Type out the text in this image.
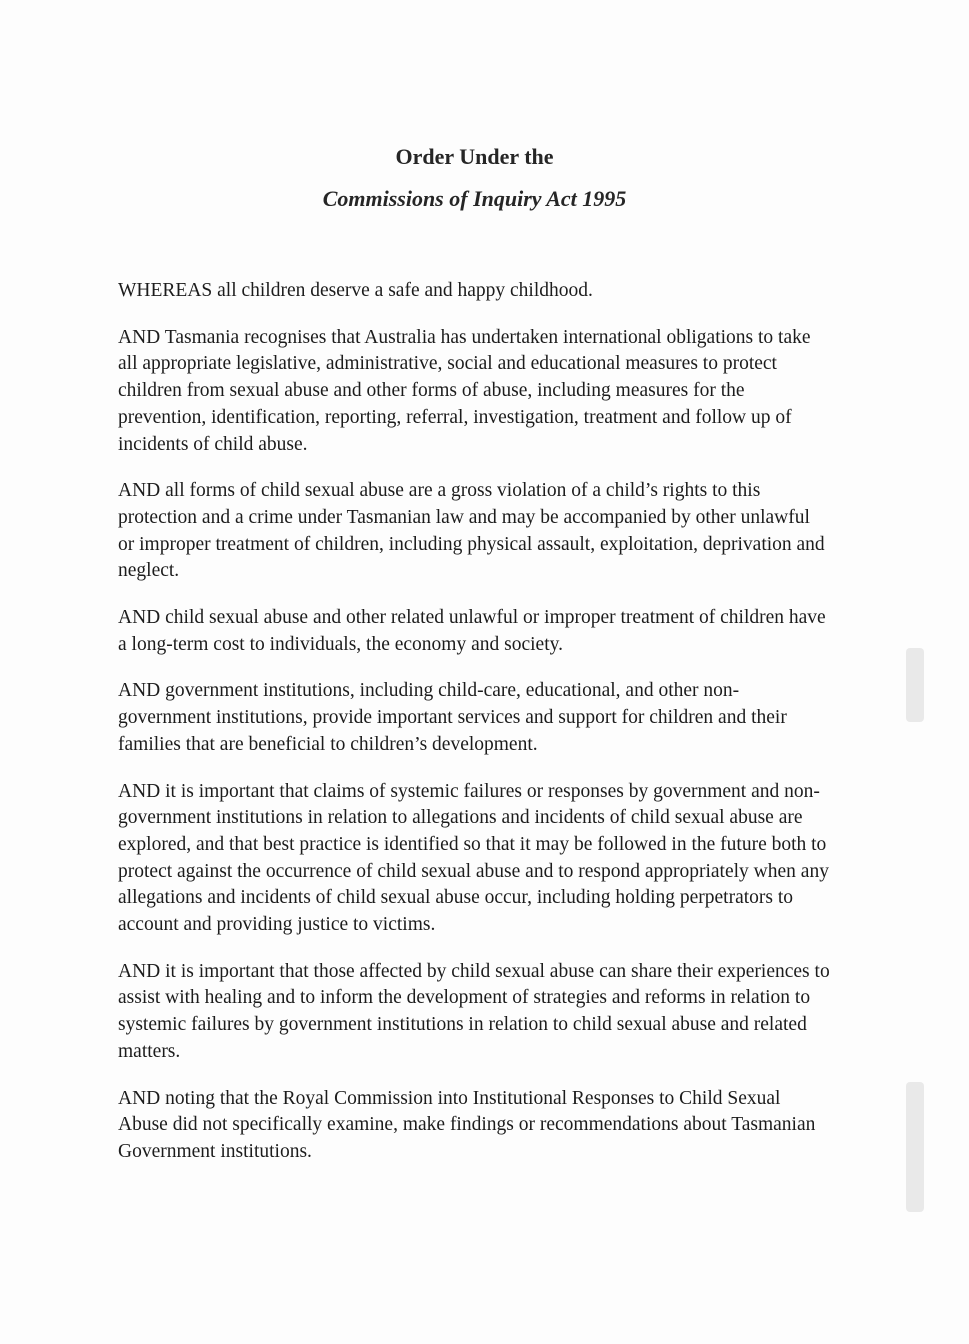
Order Under the
Commissions of Inquiry Act 1995

WHEREAS all children deserve a safe and happy childhood.

AND Tasmania recognises that Australia has undertaken international obligations to take all appropriate legislative, administrative, social and educational measures to protect children from sexual abuse and other forms of abuse, including measures for the prevention, identification, reporting, referral, investigation, treatment and follow up of incidents of child abuse.

AND all forms of child sexual abuse are a gross violation of a child’s rights to this protection and a crime under Tasmanian law and may be accompanied by other unlawful or improper treatment of children, including physical assault, exploitation, deprivation and neglect.

AND child sexual abuse and other related unlawful or improper treatment of children have a long-term cost to individuals, the economy and society.

AND government institutions, including child-care, educational, and other non-government institutions, provide important services and support for children and their families that are beneficial to children’s development.

AND it is important that claims of systemic failures or responses by government and non-government institutions in relation to allegations and incidents of child sexual abuse are explored, and that best practice is identified so that it may be followed in the future both to protect against the occurrence of child sexual abuse and to respond appropriately when any allegations and incidents of child sexual abuse occur, including holding perpetrators to account and providing justice to victims.

AND it is important that those affected by child sexual abuse can share their experiences to assist with healing and to inform the development of strategies and reforms in relation to systemic failures by government institutions in relation to child sexual abuse and related matters.

AND noting that the Royal Commission into Institutional Responses to Child Sexual Abuse did not specifically examine, make findings or recommendations about Tasmanian Government institutions.
